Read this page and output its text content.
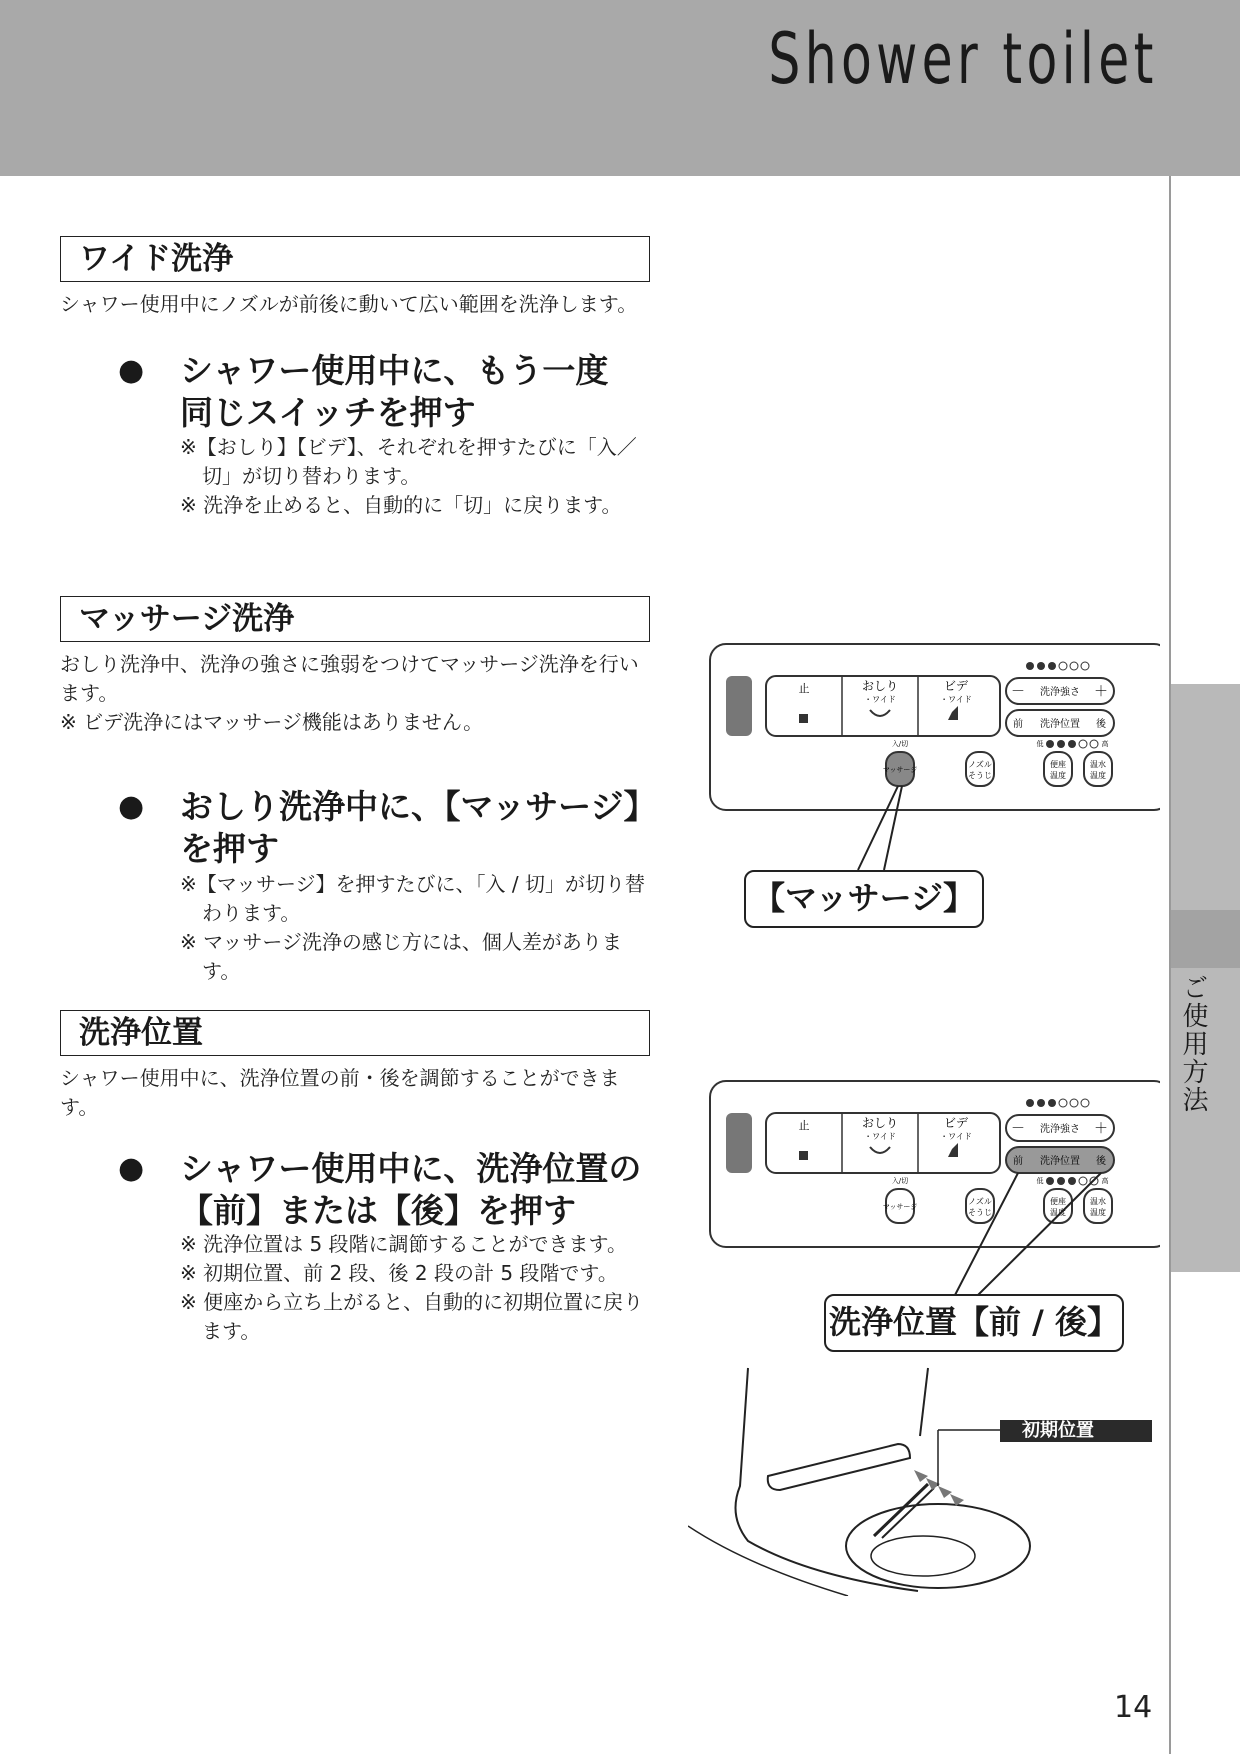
Shower toilet
ご使用方法
ワイド洗浄
シャワー使用中にノズルが前後に動いて広い範囲を洗浄します。
● シャワー使用中に、もう一度
同じスイッチを押す
※【おしり】【ビデ】、それぞれを押すたびに「入／切」が切り替わります。
※ 洗浄を止めると、自動的に「切」に戻ります。
マッサージ洗浄
おしり洗浄中、洗浄の強さに強弱をつけてマッサージ洗浄を行います。
※ ビデ洗浄にはマッサージ機能はありません。
● おしり洗浄中に、【マッサージ】
を押す
※【マッサージ】を押すたびに、「入 / 切」が切り替わります。
※ マッサージ洗浄の感じ方には、個人差があります。
洗浄位置
シャワー使用中に、洗浄位置の前・後を調節することができます。
● シャワー使用中に、洗浄位置の
【前】または【後】を押す
※ 洗浄位置は 5 段階に調節することができます。
※ 初期位置、前 2 段、後 2 段の計 5 段階です。
※ 便座から立ち上がると、自動的に初期位置に戻ります。
止	おしり
・ワイド
ビデ
・ワイド	－ 洗浄強さ ＋
前 洗浄位置 後
低	高
入/切
マッサージ
ノズル
そうじ
便座
温度
温水
温度
【マッサージ】
止	おしり
・ワイド
ビデ
・ワイド	－ 洗浄強さ ＋
前 洗浄位置 後
低	高
入/切
マッサージ
ノズル
そうじ
便座
温度
温水
温度
洗浄位置【前 / 後】
初期位置
14
